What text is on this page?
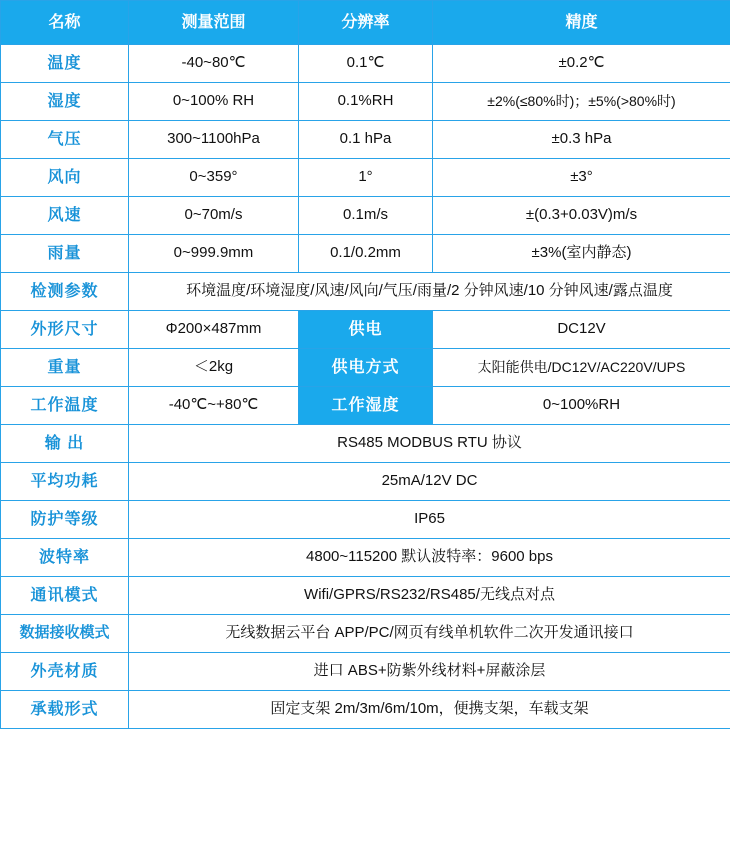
名称	测量范围	分辨率	精度
温度	-40~80℃	0.1℃	±0.2℃
湿度	0~100% RH	0.1%RH	±2%(≤80%时)；±5%(>80%时)
气压	300~1100hPa	0.1 hPa	±0.3 hPa
风向	0~359°	1°	±3°
风速	0~70m/s	0.1m/s	±(0.3+0.03V)m/s
雨量	0~999.9mm	0.1/0.2mm	±3%(室内静态)
检测参数	环境温度/环境湿度/风速/风向/气压/雨量/2 分钟风速/10 分钟风速/露点温度		
外形尺寸	Φ200×487mm	供电	DC12V
重量	＜2kg	供电方式	太阳能供电/DC12V/AC220V/UPS
工作温度	-40℃~+80℃	工作湿度	0~100%RH
输 出	RS485 MODBUS RTU 协议		
平均功耗	25mA/12V DC		
防护等级	IP65		
波特率	4800~115200 默认波特率：9600 bps		
通讯模式	Wifi/GPRS/RS232/RS485/无线点对点		
数据接收模式	无线数据云平台 APP/PC/网页有线单机软件二次开发通讯接口		
外壳材质	进口 ABS+防紫外线材料+屏蔽涂层		
承载形式	固定支架 2m/3m/6m/10m，便携支架，车载支架		
